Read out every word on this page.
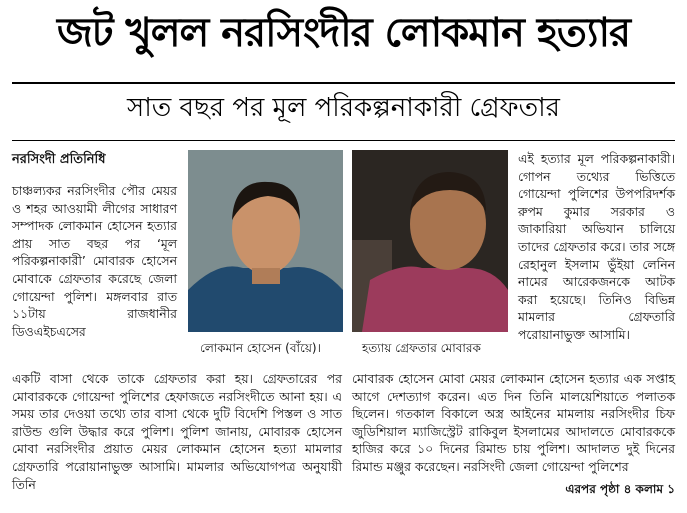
জট খুলল নরসিংদীর লোকমান হত্যার
সাত বছর পর মূল পরিকল্পনাকারী গ্রেফতার
নরসিংদী প্রতিনিধি

চাঞ্চল্যকর নরসিংদীর পৌর মেয়র ও শহর আওয়ামী লীগের সাধারণ সম্পাদক লোকমান হোসেন হত্যার প্রায় সাত বছর পর ‘মূল পরিকল্পনাকারী’ মোবারক হোসেন মোবাকে গ্রেফতার করেছে জেলা গোয়েন্দা পুলিশ। মঙ্গলবার রাত ১১টায় রাজধানীর ডিওএইচএসের

লোকমান হোসেন (বাঁয়ে)।	হত্যায় গ্রেফতার মোবারক

এই হত্যার মূল পরিকল্পনাকারী। গোপন তথ্যের ভিত্তিতে গোয়েন্দা পুলিশের উপপরিদর্শক রুপম কুমার সরকার ও জাকারিয়া অভিযান চালিয়ে তাদের গ্রেফতার করে। তার সঙ্গে রেহানুল ইসলাম ভুঁইয়া লেনিন নামের আরেকজনকে আটক করা হয়েছে। তিনিও বিভিন্ন মামলার গ্রেফতারি পরোয়ানাভুক্ত আসামি।

একটি বাসা থেকে তাকে গ্রেফতার করা হয়। গ্রেফতারের পর মোবারককে গোয়েন্দা পুলিশের হেফাজতে নরসিংদীতে আনা হয়। এ সময় তার দেওয়া তথ্যে তার বাসা থেকে দুটি বিদেশি পিস্তল ও সাত রাউন্ড গুলি উদ্ধার করে পুলিশ। পুলিশ জানায়, মোবারক হোসেন মোবা নরসিংদীর প্রয়াত মেয়র লোকমান হোসেন হত্যা মামলার গ্রেফতারি পরোয়ানাভুক্ত আসামি। মামলার অভিযোগপত্র অনুযায়ী তিনি

মোবারক হোসেন মোবা মেয়র লোকমান হোসেন হত্যার এক সপ্তাহ আগে দেশত্যাগ করেন। এত দিন তিনি মালয়েশিয়াতে পলাতক ছিলেন। গতকাল বিকালে অস্ত্র আইনের মামলায় নরসিংদীর চিফ জুডিশিয়াল ম্যাজিস্ট্রেট রাকিবুল ইসলামের আদালতে মোবারককে হাজির করে ১০ দিনের রিমান্ড চায় পুলিশ। আদালত দুই দিনের রিমান্ড মঞ্জুর করেছেন। নরসিংদী জেলা গোয়েন্দা পুলিশের

এরপর পৃষ্ঠা ৪ কলাম ১
